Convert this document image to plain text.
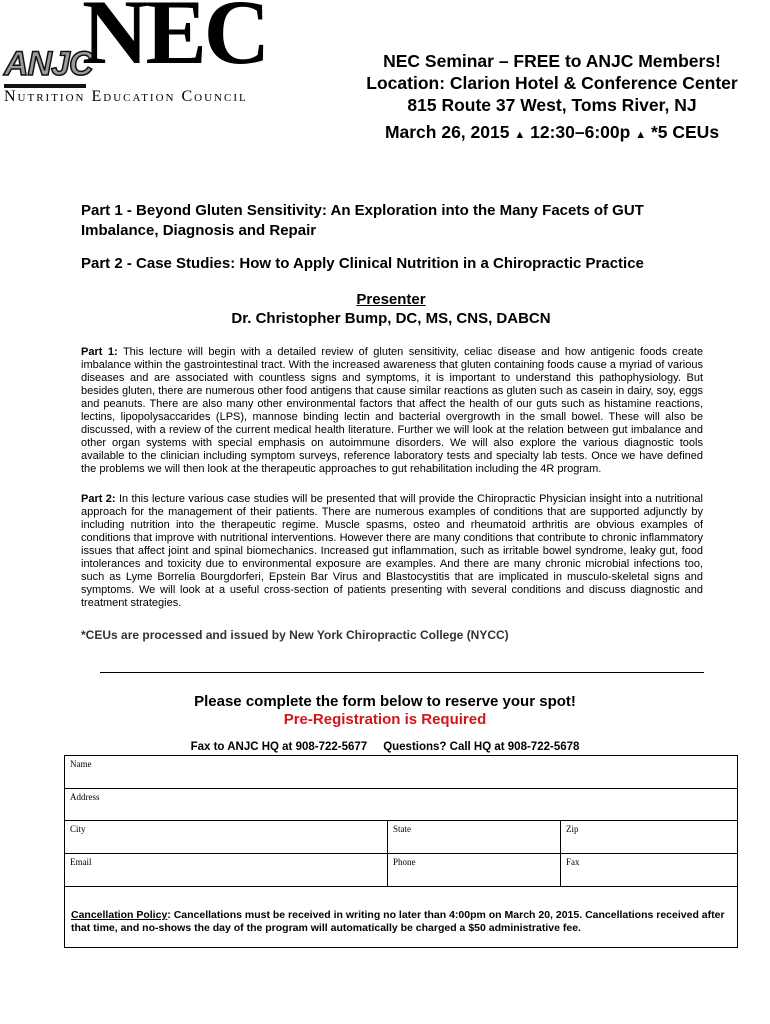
ANJC
NEC
Nutrition Education Council
NEC Seminar – FREE to ANJC Members!
Location: Clarion Hotel & Conference Center
815 Route 37 West, Toms River, NJ
March 26, 2015 ▲ 12:30–6:00p ▲ *5 CEUs
Part 1 - Beyond Gluten Sensitivity: An Exploration into the Many Facets of GUT Imbalance, Diagnosis and Repair
Part 2 - Case Studies: How to Apply Clinical Nutrition in a Chiropractic Practice
Presenter
Dr. Christopher Bump, DC, MS, CNS, DABCN
Part 1: This lecture will begin with a detailed review of gluten sensitivity, celiac disease and how antigenic foods create imbalance within the gastrointestinal tract. With the increased awareness that gluten containing foods cause a myriad of various diseases and are associated with countless signs and symptoms, it is important to understand this pathophysiology. But besides gluten, there are numerous other food antigens that cause similar reactions as gluten such as casein in dairy, soy, eggs and peanuts. There are also many other environmental factors that affect the health of our guts such as histamine reactions, lectins, lipopolysaccarides (LPS), mannose binding lectin and bacterial overgrowth in the small bowel. These will also be discussed, with a review of the current medical health literature. Further we will look at the relation between gut imbalance and other organ systems with special emphasis on autoimmune disorders. We will also explore the various diagnostic tools available to the clinician including symptom surveys, reference laboratory tests and specialty lab tests. Once we have defined the problems we will then look at the therapeutic approaches to gut rehabilitation including the 4R program.
Part 2: In this lecture various case studies will be presented that will provide the Chiropractic Physician insight into a nutritional approach for the management of their patients. There are numerous examples of conditions that are supported adjunctly by including nutrition into the therapeutic regime. Muscle spasms, osteo and rheumatoid arthritis are obvious examples of conditions that improve with nutritional interventions. However there are many conditions that contribute to chronic inflammatory issues that affect joint and spinal biomechanics. Increased gut inflammation, such as irritable bowel syndrome, leaky gut, food intolerances and toxicity due to environmental exposure are examples. And there are many chronic microbial infections too, such as Lyme Borrelia Bourgdorferi, Epstein Bar Virus and Blastocystitis that are implicated in musculo-skeletal signs and symptoms. We will look at a useful cross-section of patients presenting with several conditions and discuss diagnostic and treatment strategies.
*CEUs are processed and issued by New York Chiropractic College (NYCC)
Please complete the form below to reserve your spot!
Pre-Registration is Required
Fax to ANJC HQ at 908-722-5677 Questions? Call HQ at 908-722-5678
Name
Address
City	State	Zip
Email	Phone	Fax
Cancellation Policy: Cancellations must be received in writing no later than 4:00pm on March 20, 2015. Cancellations received after that time, and no-shows the day of the program will automatically be charged a $50 administrative fee.
